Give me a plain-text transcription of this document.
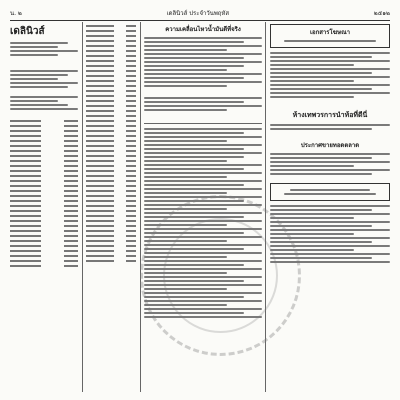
น. ๒	เดลินิวส์ ประจำวันพฤหัส	๒๕๑๒
เดลินิวส์	ความเคลื่อนไหวน้ำมันดีที่จริง	เอกสารโฆษณา
ห้างเทพวรการนำท้อที่ดีนี่
ประกาศขายทอดตลาด
